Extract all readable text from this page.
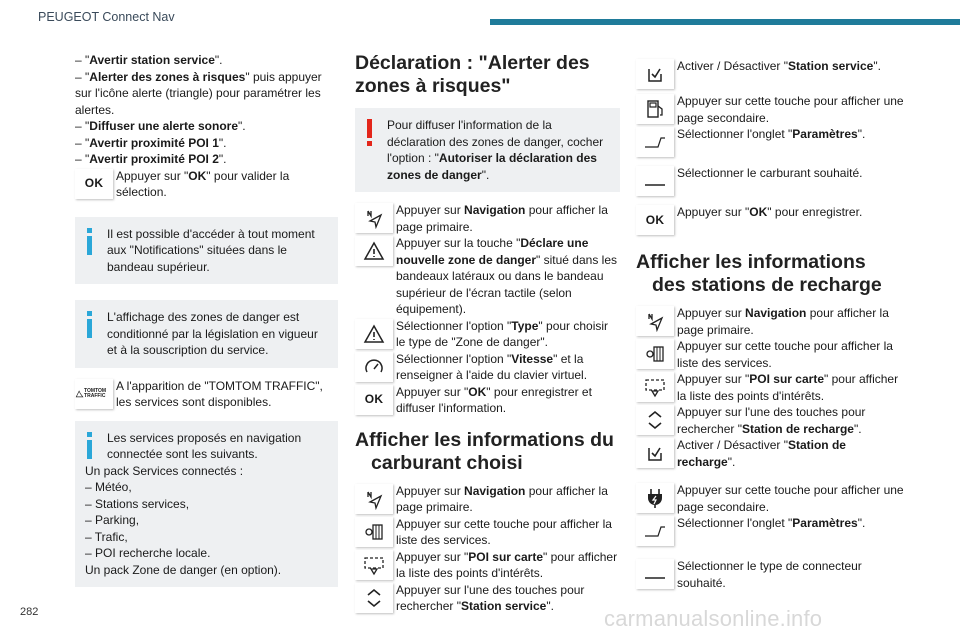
PEUGEOT Connect Nav

– "Avertir station service".

– "Alerter des zones à risques" puis appuyer sur l'icône alerte (triangle) pour paramétrer les alertes.

– "Diffuser une alerte sonore".

– "Avertir proximité POI 1".

– "Avertir proximité POI 2".

OK
Appuyer sur "OK" pour valider la sélection.
Il est possible d'accéder à tout moment aux "Notifications" situées dans le bandeau supérieur.
L'affichage des zones de danger est conditionné par la législation en vigueur et à la souscription du service.
TOMTOM TRAFFIC
A l'apparition de "TOMTOM TRAFFIC", les services sont disponibles.
Les services proposés en navigation connectée sont les suivants.
Un pack Services connectés :
– Météo,
– Stations services,
– Parking,
– Trafic,
– POI recherche locale.
Un pack Zone de danger (en option).
Déclaration : "Alerter des
zones à risques"
Pour diffuser l'information de la déclaration des zones de danger, cocher l'option : "Autoriser la déclaration des zones de danger".
Appuyer sur Navigation pour afficher la page primaire.
Appuyer sur la touche "Déclare une nouvelle zone de danger" situé dans les bandeaux latéraux ou dans le bandeau supérieur de l'écran tactile (selon équipement).
Sélectionner l'option "Type" pour choisir le type de "Zone de danger".
Sélectionner l'option "Vitesse" et la renseigner à l'aide du clavier virtuel.
OK
Appuyer sur "OK" pour enregistrer et diffuser l'information.
Afficher les informations du
carburant choisi
Appuyer sur Navigation pour afficher la page primaire.
Appuyer sur cette touche pour afficher la liste des services.
Appuyer sur "POI sur carte" pour afficher la liste des points d'intérêts.
Appuyer sur l'une des touches pour rechercher "Station service".
Activer / Désactiver "Station service".
Appuyer sur cette touche pour afficher une page secondaire.
Sélectionner l'onglet "Paramètres".
Sélectionner le carburant souhaité.
OK
Appuyer sur "OK" pour enregistrer.
Afficher les informations
des stations de recharge
Appuyer sur Navigation pour afficher la page primaire.
Appuyer sur cette touche pour afficher la liste des services.
Appuyer sur "POI sur carte" pour afficher la liste des points d'intérêts.
Appuyer sur l'une des touches pour rechercher "Station de recharge".
Activer / Désactiver "Station de recharge".
Appuyer sur cette touche pour afficher une page secondaire.
Sélectionner l'onglet "Paramètres".
Sélectionner le type de connecteur souhaité.
282	carmanualsonline.info
